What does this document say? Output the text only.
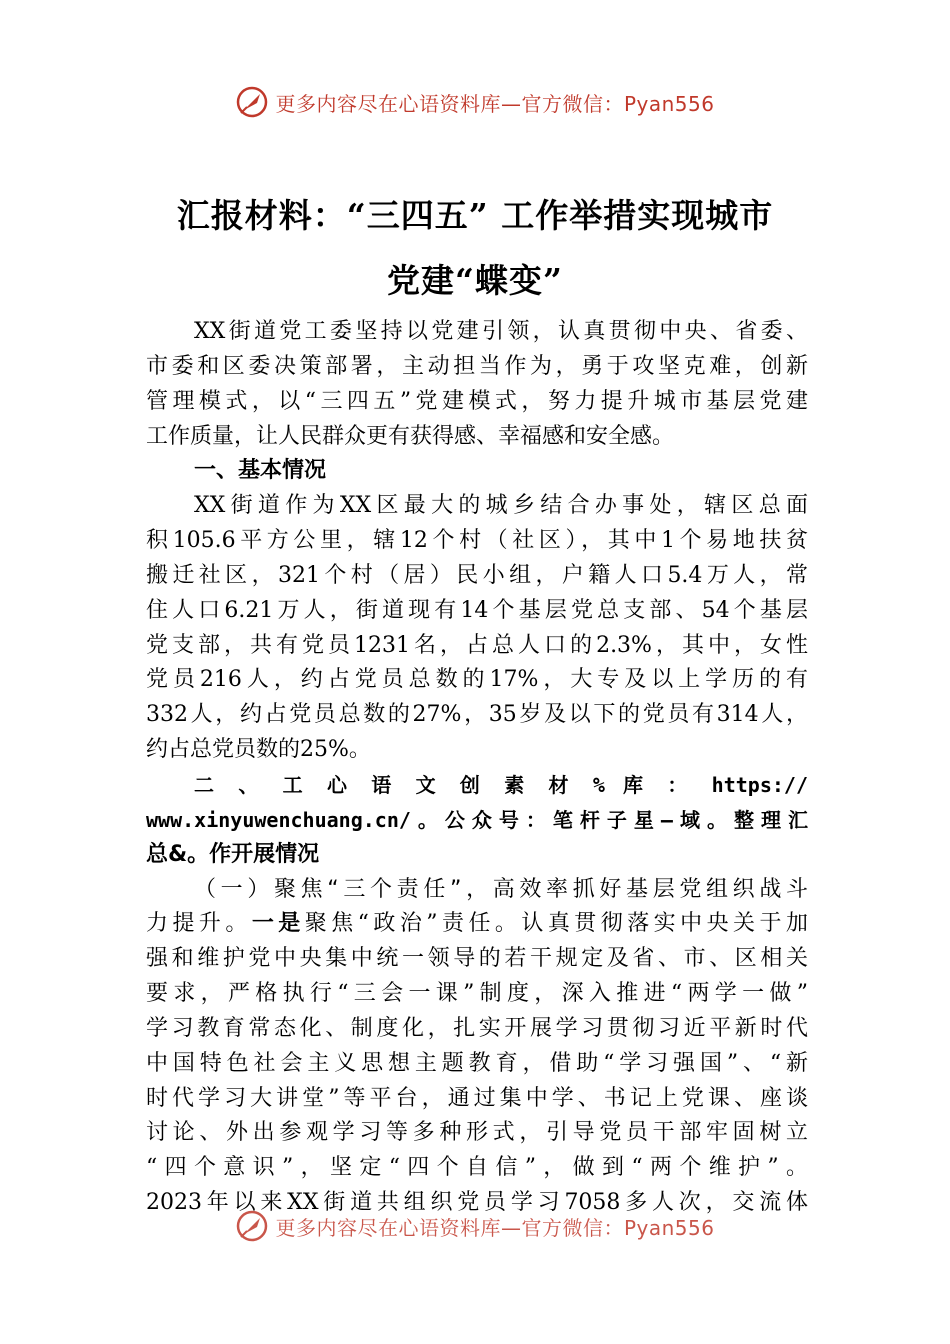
更多内容尽在心语资料库—官方微信：Pyan556
汇报材料：“三四五” 工作举措实现城市
党建“蝶变”
XX街道党工委坚持以党建引领，认真贯彻中央、省委、
市委和区委决策部署，主动担当作为，勇于攻坚克难，创新
管理模式，以“三四五”党建模式，努力提升城市基层党建
工作质量，让人民群众更有获得感、幸福感和安全感。
一、基本情况
XX街道作为XX区最大的城乡结合办事处，辖区总面
积105.6平方公里，辖12个村（社区），其中1个易地扶贫
搬迁社区，321个村（居）民小组，户籍人口5.4万人，常
住人口6.21万人，街道现有14个基层党总支部、54个基层
党支部，共有党员1231名，占总人口的2.3%，其中，女性
党员216人，约占党员总数的17%，大专及以上学历的有
332人，约占党员总数的27%，35岁及以下的党员有314人，
约占总党员数的25%。
二 、 工 心 语 文 创 素 材 % 库 ： https://
www.xinyuwenchuang.cn/。公众号：笔杆子星—域。整理汇
总&。作开展情况
（一）聚焦“三个责任”，高效率抓好基层党组织战斗
力提升。一是聚焦“政治”责任。认真贯彻落实中央关于加
强和维护党中央集中统一领导的若干规定及省、市、区相关
要求，严格执行“三会一课”制度，深入推进“两学一做”
学习教育常态化、制度化，扎实开展学习贯彻习近平新时代
中国特色社会主义思想主题教育，借助“学习强国”、“新
时代学习大讲堂”等平台，通过集中学、书记上党课、座谈
讨论、外出参观学习等多种形式，引导党员干部牢固树立
“四个意识”，坚定“四个自信”，做到“两个维护”。
2023年以来XX街道共组织党员学习7058多人次，交流体
更多内容尽在心语资料库—官方微信：Pyan556
